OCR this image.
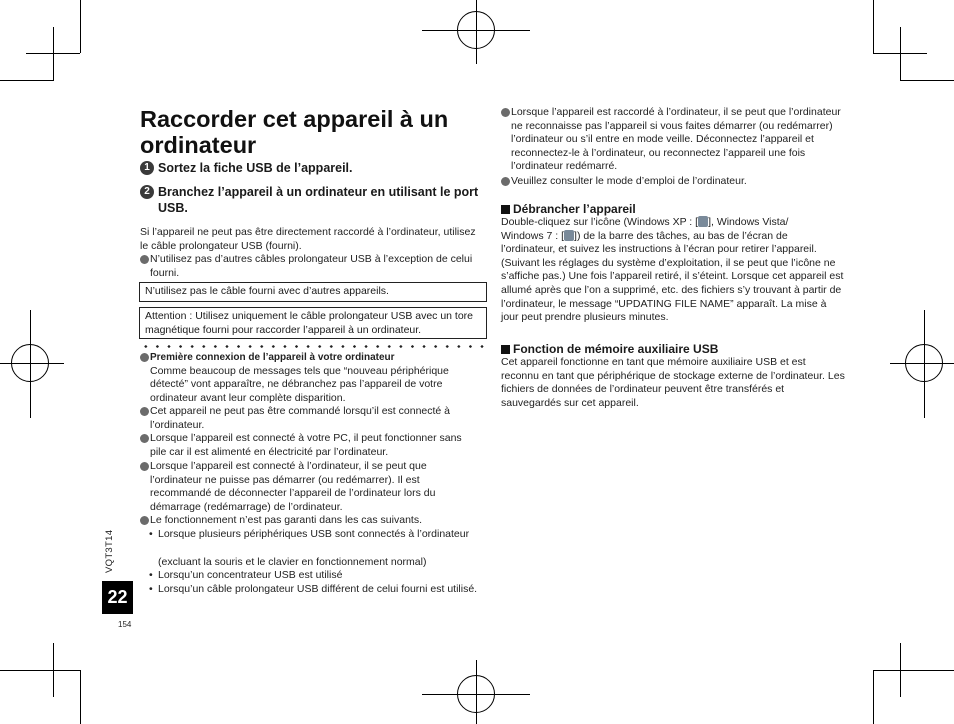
Raccorder cet appareil à un ordinateur
1 Sortez la fiche USB de l’appareil.
2 Branchez l’appareil à un ordinateur en utilisant le port USB.
Si l’appareil ne peut pas être directement raccordé à l’ordinateur, utilisez le câble prolongateur USB (fourni).
N’utilisez pas d’autres câbles prolongateur USB à l’exception de celui fourni.
N’utilisez pas le câble fourni avec d’autres appareils.
Attention : Utilisez uniquement le câble prolongateur USB avec un tore magnétique fourni pour raccorder l’appareil à un ordinateur.
Première connexion de l’appareil à votre ordinateur
Comme beaucoup de messages tels que “nouveau périphérique détecté” vont apparaître, ne débranchez pas l’appareil de votre ordinateur avant leur complète disparition.
Cet appareil ne peut pas être commandé lorsqu’il est connecté à l’ordinateur.
Lorsque l’appareil est connecté à votre PC, il peut fonctionner sans pile car il est alimenté en électricité par l’ordinateur.
Lorsque l’appareil est connecté à l’ordinateur, il se peut que l’ordinateur ne puisse pas démarrer (ou redémarrer). Il est recommandé de déconnecter l’appareil de l’ordinateur lors du démarrage (redémarrage) de l’ordinateur.
Le fonctionnement n’est pas garanti dans les cas suivants.
• Lorsque plusieurs périphériques USB sont connectés à l’ordinateur
(excluant la souris et le clavier en fonctionnement normal)
• Lorsqu’un concentrateur USB est utilisé
• Lorsqu’un câble prolongateur USB différent de celui fourni est utilisé.
VQT3T14
22
154
Lorsque l’appareil est raccordé à l’ordinateur, il se peut que l’ordinateur ne reconnaisse pas l’appareil si vous faites démarrer (ou redémarrer) l’ordinateur ou s’il entre en mode veille. Déconnectez l’appareil et reconnectez-le à l’ordinateur, ou reconnectez l’appareil une fois l’ordinateur redémarré.
Veuillez consulter le mode d’emploi de l’ordinateur.
Débrancher l’appareil
Double-cliquez sur l’icône (Windows XP : [ ], Windows Vista/
Windows 7 : [ ]) de la barre des tâches, au bas de l’écran de
l’ordinateur, et suivez les instructions à l’écran pour retirer l’appareil. (Suivant les réglages du système d’exploitation, il se peut que l’icône ne s’affiche pas.) Une fois l’appareil retiré, il s’éteint. Lorsque cet appareil est allumé après que l’on a supprimé, etc. des fichiers s’y trouvant à partir de l’ordinateur, le message “UPDATING FILE NAME” apparaît. La mise à jour peut prendre plusieurs minutes.
Fonction de mémoire auxiliaire USB
Cet appareil fonctionne en tant que mémoire auxiliaire USB et est reconnu en tant que périphérique de stockage externe de l’ordinateur. Les fichiers de données de l’ordinateur peuvent être transférés et sauvegardés sur cet appareil.
